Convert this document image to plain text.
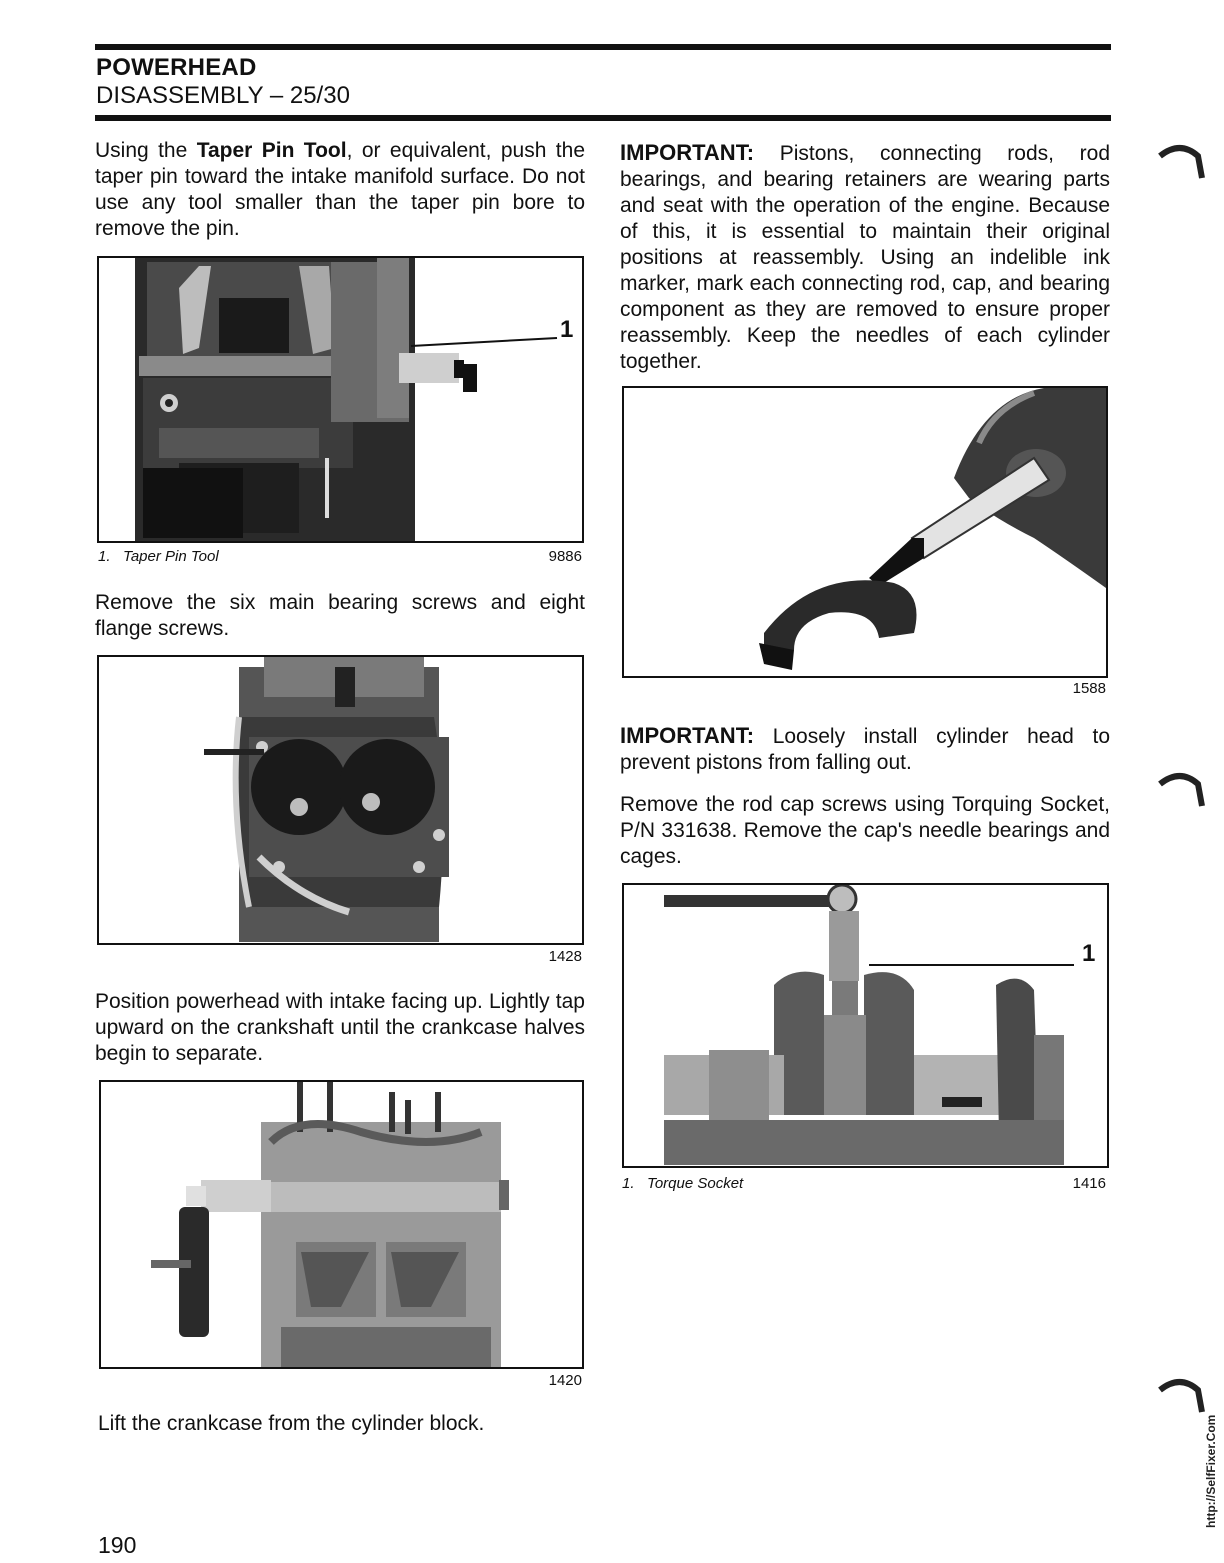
POWERHEAD
DISASSEMBLY – 25/30
Using the Taper Pin Tool, or equivalent, push the taper pin toward the intake manifold surface. Do not use any tool smaller than the taper pin bore to remove the pin.
1
1. Taper Pin Tool	9886
Remove the six main bearing screws and eight flange screws.
1428
Position powerhead with intake facing up. Lightly tap upward on the crankshaft until the crankcase halves begin to separate.
1420
Lift the crankcase from the cylinder block.
IMPORTANT: Pistons, connecting rods, rod bearings, and bearing retainers are wearing parts and seat with the operation of the engine. Because of this, it is essential to maintain their original positions at reassembly. Using an indelible ink marker, mark each connecting rod, cap, and bearing component as they are removed to ensure proper reassembly. Keep the needles of each cylinder together.
1588
IMPORTANT: Loosely install cylinder head to prevent pistons from falling out.
Remove the rod cap screws using Torquing Socket, P/N 331638. Remove the cap's needle bearings and cages.
1
1. Torque Socket	1416
190
http://SelfFixer.Com
